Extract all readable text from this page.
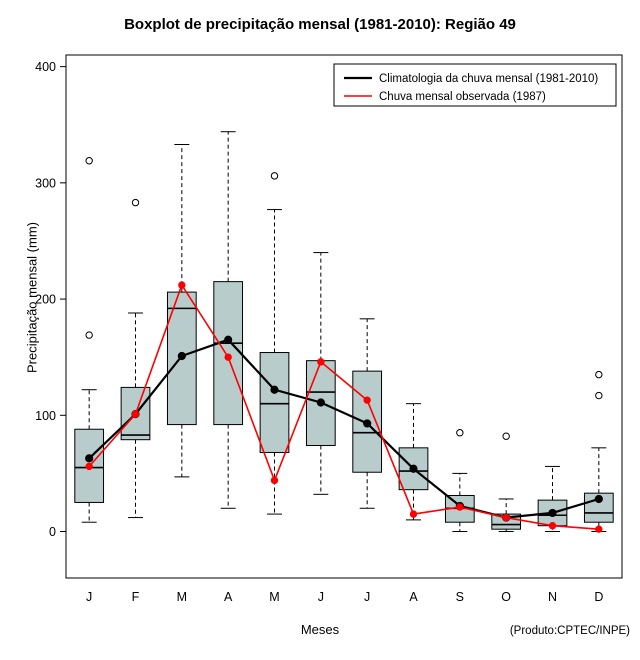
Boxplot de precipitação mensal (1981-2010): Região 49
Precipitação mensal (mm)
Meses	(Produto:CPTEC/INPE)
0
100
200
300
400
J	F	M	A	M	J	J	A	S	O	N	D
Climatologia da chuva mensal (1981-2010)
Chuva mensal observada (1987)
